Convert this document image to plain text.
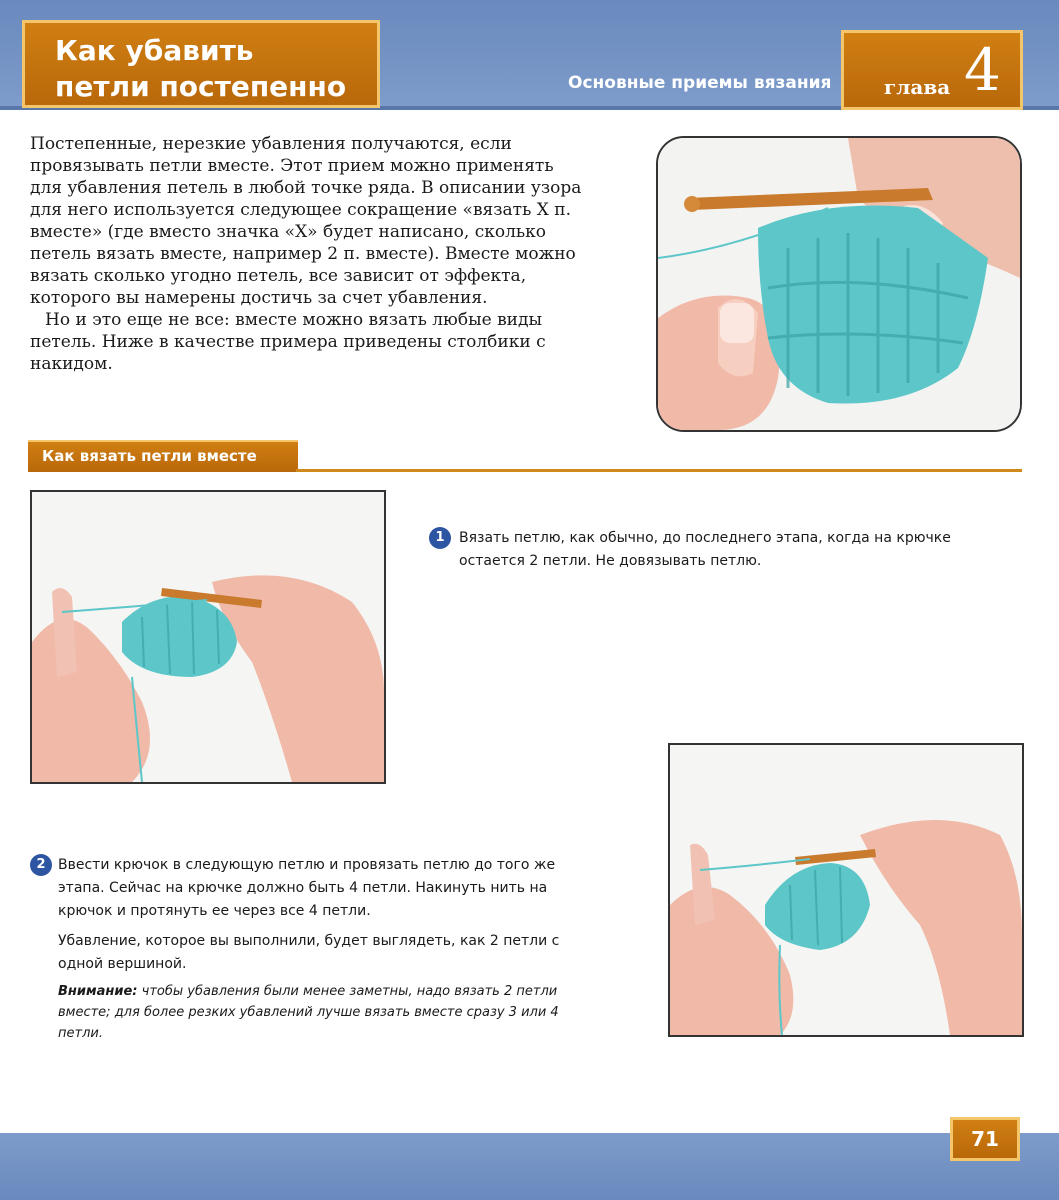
Как убавить
петли постепенно	Основные приемы вязания	глава 4

Постепенные, нерезкие убавления получаются, если провязывать петли вместе. Этот прием можно применять для убавления петель в любой точке ряда. В описании узора для него используется следующее сокращение «вязать Х п. вместе» (где вместо значка «Х» будет написано, сколько петель вязать вместе, например 2 п. вместе). Вместе можно вязать сколько угодно петель, все зависит от эффекта, которого вы намерены достичь за счет убавления.

Но и это еще не все: вместе можно вязать любые виды петель. Ниже в качестве примера приведены столбики с накидом.

Как вязать петли вместе
1	Вязать петлю, как обычно, до последнего этапа, когда на крючке остается 2 петли. Не довязывать петлю.

2 Ввести крючок в следующую петлю и провязать петлю до того же этапа. Сейчас на крючке должно быть 4 петли. Накинуть нить на крючок и протянуть ее через все 4 петли.

Убавление, которое вы выполнили, будет выглядеть, как 2 петли с одной вершиной.

Внимание: чтобы убавления были менее заметны, надо вязать 2 петли вместе; для более резких убавлений лучше вязать вместе сразу 3 или 4 петли.

71
